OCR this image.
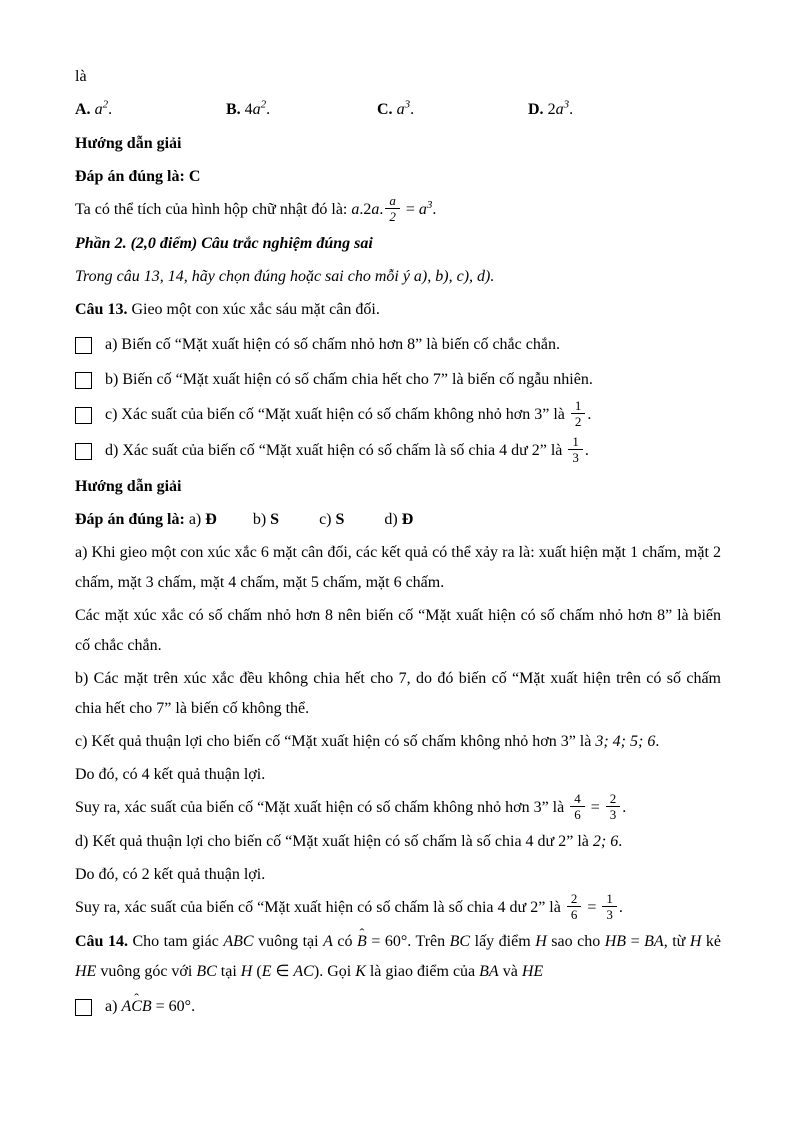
là

A. $a^2$.	B. $4a^2$.	C. $a^3$.	D. $2a^3$.

Hướng dẫn giải

Đáp án đúng là: C

Ta có thể tích của hình hộp chữ nhật đó là: a.2a. $\frac{a}{2} = a^3$.

Phần 2. (2,0 điểm) Câu trắc nghiệm đúng sai

Trong câu 13, 14, hãy chọn đúng hoặc sai cho mỗi ý a), b), c), d).

Câu 13. Gieo một con xúc xắc sáu mặt cân đối.

a) Biến cố “Mặt xuất hiện có số chấm nhỏ hơn 8” là biến cố chắc chắn.
b) Biến cố “Mặt xuất hiện có số chấm chia hết cho 7” là biến cố ngẫu nhiên.
c) Xác suất của biến cố “Mặt xuất hiện có số chấm không nhỏ hơn 3” là $\frac{1}{2}$ .
d) Xác suất của biến cố “Mặt xuất hiện có số chấm là số chia 4 dư 2” là $\frac{1}{3}$ .

Hướng dẫn giải

Đáp án đúng là: a) Đ b) S	c) S	d) Đ

a) Khi gieo một con xúc xắc 6 mặt cân đối, các kết quả có thể xảy ra là: xuất hiện mặt 1 chấm, mặt 2 chấm, mặt 3 chấm, mặt 4 chấm, mặt 5 chấm, mặt 6 chấm.

Các mặt xúc xắc có số chấm nhỏ hơn 8 nên biến cố “Mặt xuất hiện có số chấm nhỏ hơn 8” là biến cố chắc chắn.

b) Các mặt trên xúc xắc đều không chia hết cho 7, do đó biến cố “Mặt xuất hiện trên có số chấm chia hết cho 7” là biến cố không thể.

c) Kết quả thuận lợi cho biến cố “Mặt xuất hiện có số chấm không nhỏ hơn 3” là 3; 4; 5; 6.

Do đó, có 4 kết quả thuận lợi.

Suy ra, xác suất của biến cố “Mặt xuất hiện có số chấm không nhỏ hơn 3” là $\frac{4}{6} = \frac{2}{3}$ .

d) Kết quả thuận lợi cho biến cố “Mặt xuất hiện có số chấm là số chia 4 dư 2” là 2; 6.

Do đó, có 2 kết quả thuận lợi.

Suy ra, xác suất của biến cố “Mặt xuất hiện có số chấm là số chia 4 dư 2” là $\frac{2}{6} = \frac{1}{3}$ .

Câu 14. Cho tam giác ABC vuông tại A có B ˆ = 60°. Trên BC lấy điểm H sao cho HB = BA, từ H kẻ HE vuông góc với BC tại H (E ∈ AC). Gọi K là giao điểm của BA và HE

a) ACB ˆ = 60°.
